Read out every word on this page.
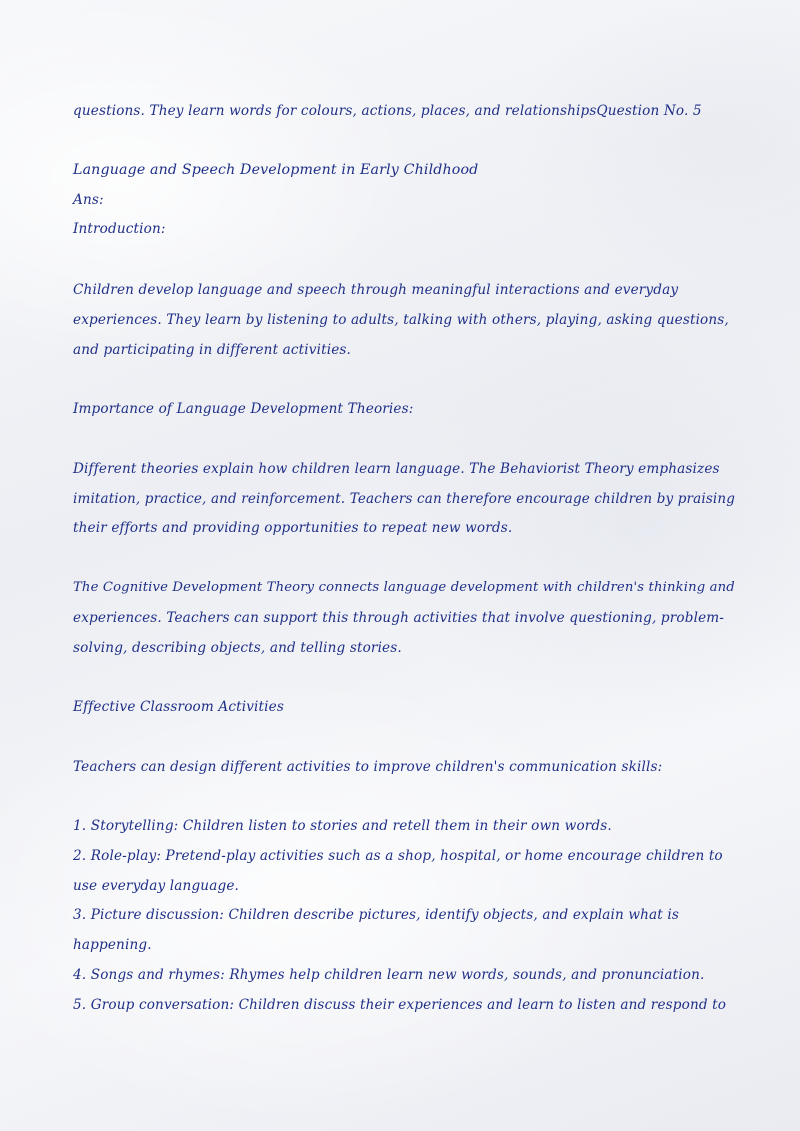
questions. They learn words for colours, actions, places, and relationshipsQuestion No. 5

Language and Speech Development in Early Childhood

Ans:

Introduction:

Children develop language and speech through meaningful interactions and everyday

experiences. They learn by listening to adults, talking with others, playing, asking questions,

and participating in different activities.

Importance of Language Development Theories:

Different theories explain how children learn language. The Behaviorist Theory emphasizes

imitation, practice, and reinforcement. Teachers can therefore encourage children by praising

their efforts and providing opportunities to repeat new words.

The Cognitive Development Theory connects language development with children's thinking and

experiences. Teachers can support this through activities that involve questioning, problem-

solving, describing objects, and telling stories.

Effective Classroom Activities

Teachers can design different activities to improve children's communication skills:

1. Storytelling: Children listen to stories and retell them in their own words.

2. Role-play: Pretend-play activities such as a shop, hospital, or home encourage children to

use everyday language.

3. Picture discussion: Children describe pictures, identify objects, and explain what is

happening.

4. Songs and rhymes: Rhymes help children learn new words, sounds, and pronunciation.

5. Group conversation: Children discuss their experiences and learn to listen and respond to
